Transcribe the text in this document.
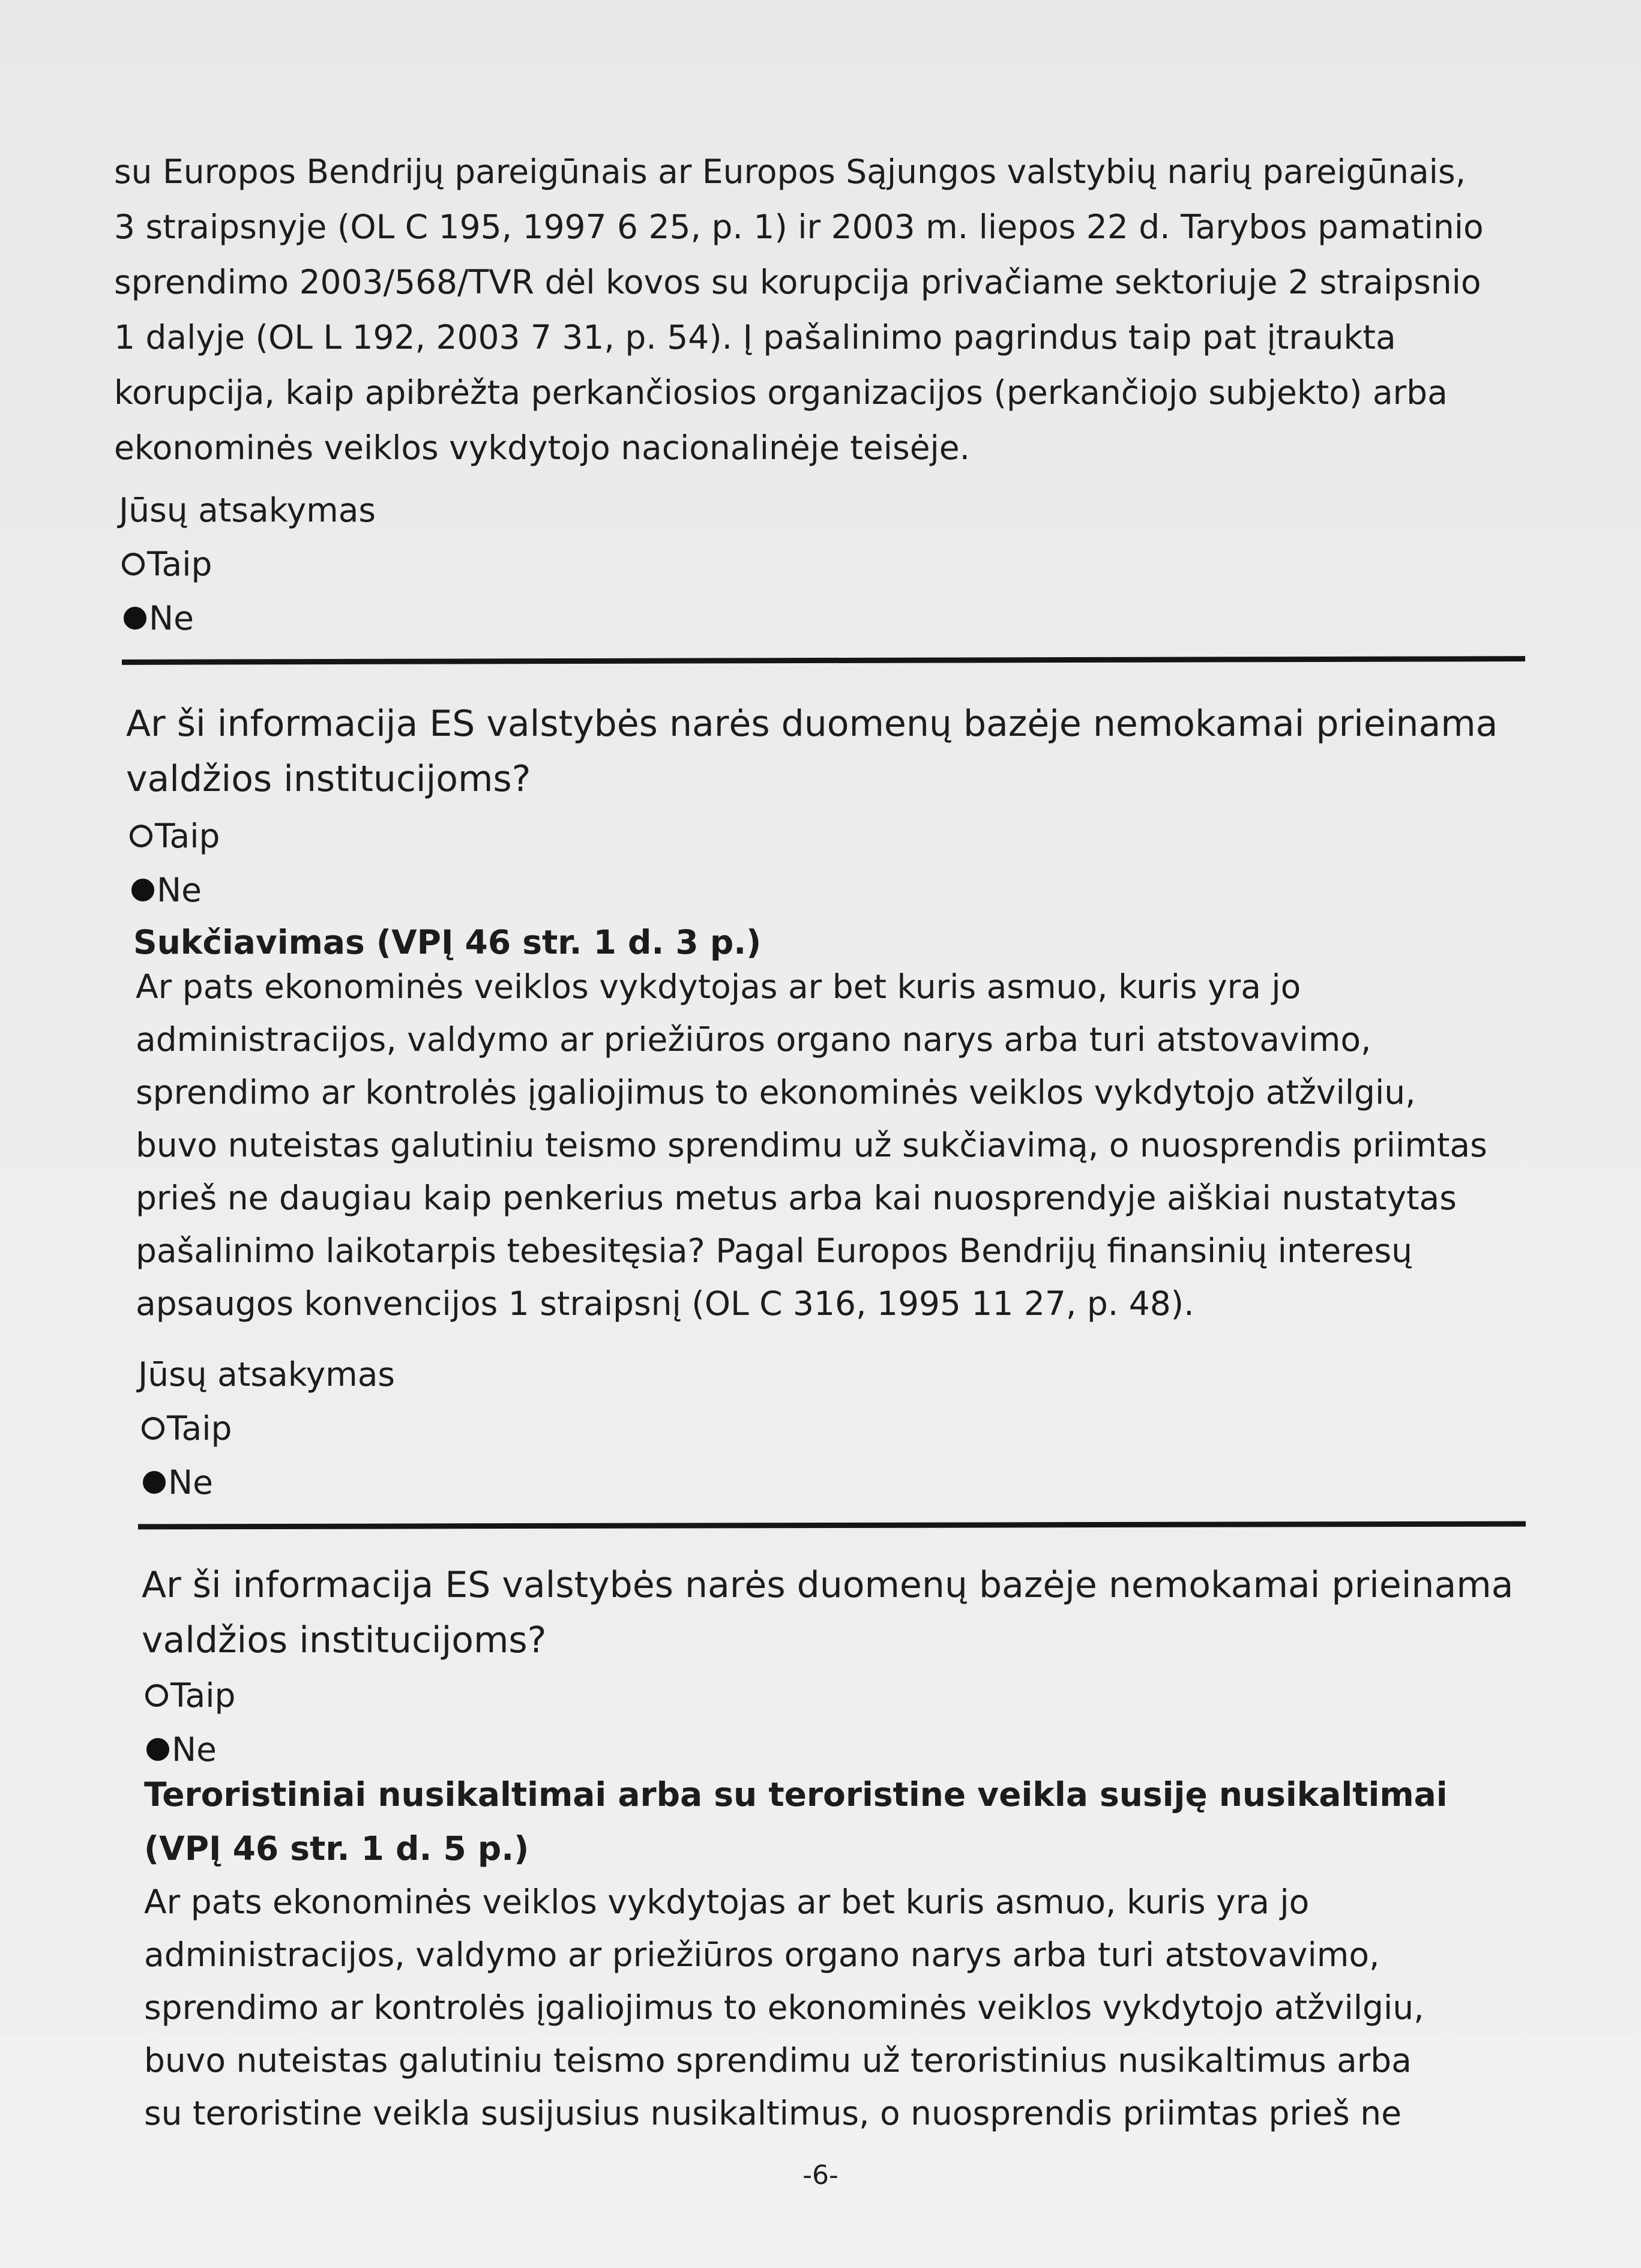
su Europos Bendrijų pareigūnais ar Europos Sąjungos valstybių narių pareigūnais,
3 straipsnyje (OL C 195, 1997 6 25, p. 1) ir 2003 m. liepos 22 d. Tarybos pamatinio
sprendimo 2003/568/TVR dėl kovos su korupcija privačiame sektoriuje 2 straipsnio
1 dalyje (OL L 192, 2003 7 31, p. 54). Į pašalinimo pagrindus taip pat įtraukta
korupcija, kaip apibrėžta perkančiosios organizacijos (perkančiojo subjekto) arba
ekonominės veiklos vykdytojo nacionalinėje teisėje.
Jūsų atsakymas
Taip
Ne
Ar ši informacija ES valstybės narės duomenų bazėje nemokamai prieinama
valdžios institucijoms?
Taip
Ne
Sukčiavimas (VPĮ 46 str. 1 d. 3 p.)
Ar pats ekonominės veiklos vykdytojas ar bet kuris asmuo, kuris yra jo
administracijos, valdymo ar priežiūros organo narys arba turi atstovavimo,
sprendimo ar kontrolės įgaliojimus to ekonominės veiklos vykdytojo atžvilgiu,
buvo nuteistas galutiniu teismo sprendimu už sukčiavimą, o nuosprendis priimtas
prieš ne daugiau kaip penkerius metus arba kai nuosprendyje aiškiai nustatytas
pašalinimo laikotarpis tebesitęsia? Pagal Europos Bendrijų finansinių interesų
apsaugos konvencijos 1 straipsnį (OL C 316, 1995 11 27, p. 48).
Jūsų atsakymas
Taip
Ne
Ar ši informacija ES valstybės narės duomenų bazėje nemokamai prieinama
valdžios institucijoms?
Taip
Ne
Teroristiniai nusikaltimai arba su teroristine veikla susiję nusikaltimai
(VPĮ 46 str. 1 d. 5 p.)
Ar pats ekonominės veiklos vykdytojas ar bet kuris asmuo, kuris yra jo
administracijos, valdymo ar priežiūros organo narys arba turi atstovavimo,
sprendimo ar kontrolės įgaliojimus to ekonominės veiklos vykdytojo atžvilgiu,
buvo nuteistas galutiniu teismo sprendimu už teroristinius nusikaltimus arba
su teroristine veikla susijusius nusikaltimus, o nuosprendis priimtas prieš ne
-6-
